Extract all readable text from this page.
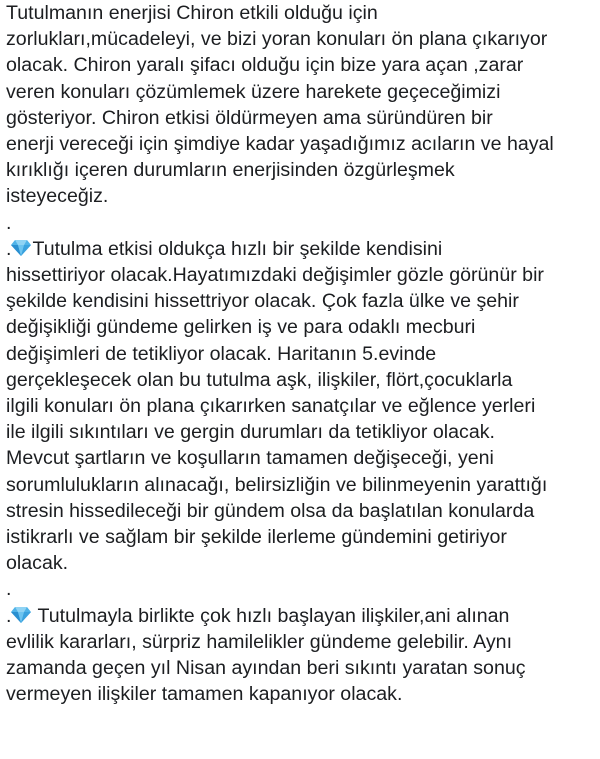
Tutulmanın enerjisi Chiron etkili olduğu için
zorlukları,mücadeleyi, ve bizi yoran konuları ön plana çıkarıyor
olacak. Chiron yaralı şifacı olduğu için bize yara açan ,zarar
veren konuları çözümlemek üzere harekete geçeceğimizi
gösteriyor. Chiron etkisi öldürmeyen ama süründüren bir
enerji vereceği için şimdiye kadar yaşadığımız acıların ve hayal
kırıklığı içeren durumların enerjisinden özgürleşmek
isteyeceğiz.
.
. Tutulma etkisi oldukça hızlı bir şekilde kendisini
hissettiriyor olacak.Hayatımızdaki değişimler gözle görünür bir
şekilde kendisini hissettriyor olacak. Çok fazla ülke ve şehir
değişikliği gündeme gelirken iş ve para odaklı mecburi
değişimleri de tetikliyor olacak. Haritanın 5.evinde
gerçekleşecek olan bu tutulma aşk, ilişkiler, flört,çocuklarla
ilgili konuları ön plana çıkarırken sanatçılar ve eğlence yerleri
ile ilgili sıkıntıları ve gergin durumları da tetikliyor olacak.
Mevcut şartların ve koşulların tamamen değişeceği, yeni
sorumlulukların alınacağı, belirsizliğin ve bilinmeyenin yarattığı
stresin hissedileceği bir gündem olsa da başlatılan konularda
istikrarlı ve sağlam bir şekilde ilerleme gündemini getiriyor
olacak.
.
. Tutulmayla birlikte çok hızlı başlayan ilişkiler,ani alınan
evlilik kararları, sürpriz hamilelikler gündeme gelebilir. Aynı
zamanda geçen yıl Nisan ayından beri sıkıntı yaratan sonuç
vermeyen ilişkiler tamamen kapanıyor olacak.
